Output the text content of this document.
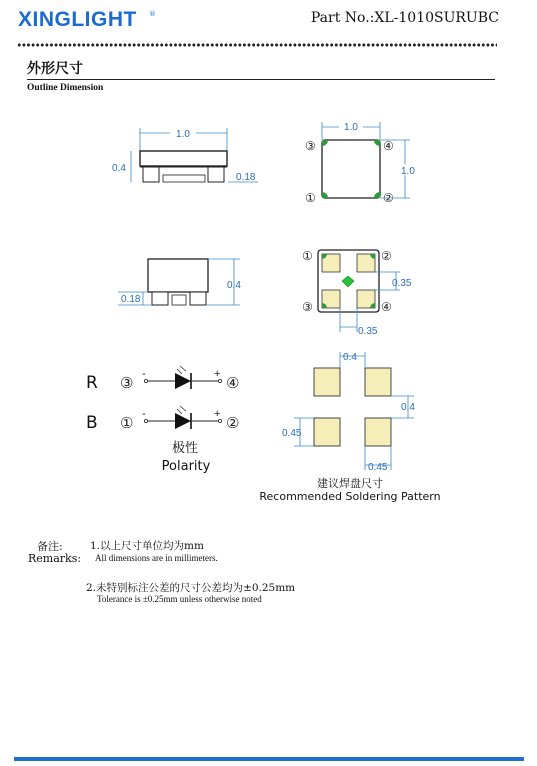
XINGLIGHT ®	Part No.:XL-1010SURUBC
外形尺寸
Outline Dimension
1.0
0.4
0.18
1.0
③	④
①	②
1.0
0.4
0.18
①	②
③	④
0.35
0.35
R ③
-	+
④
B ①
-	+
②
极性
Polarity
0.4
0.4
0.45
0.45
建议焊盘尺寸
Recommended Soldering Pattern
备注:
Remarks:
1.以上尺寸单位均为mm
All dimensions are in millimeters.
2.未特别标注公差的尺寸公差均为±0.25mm
Tolerance is ±0.25mm unless otherwise noted
